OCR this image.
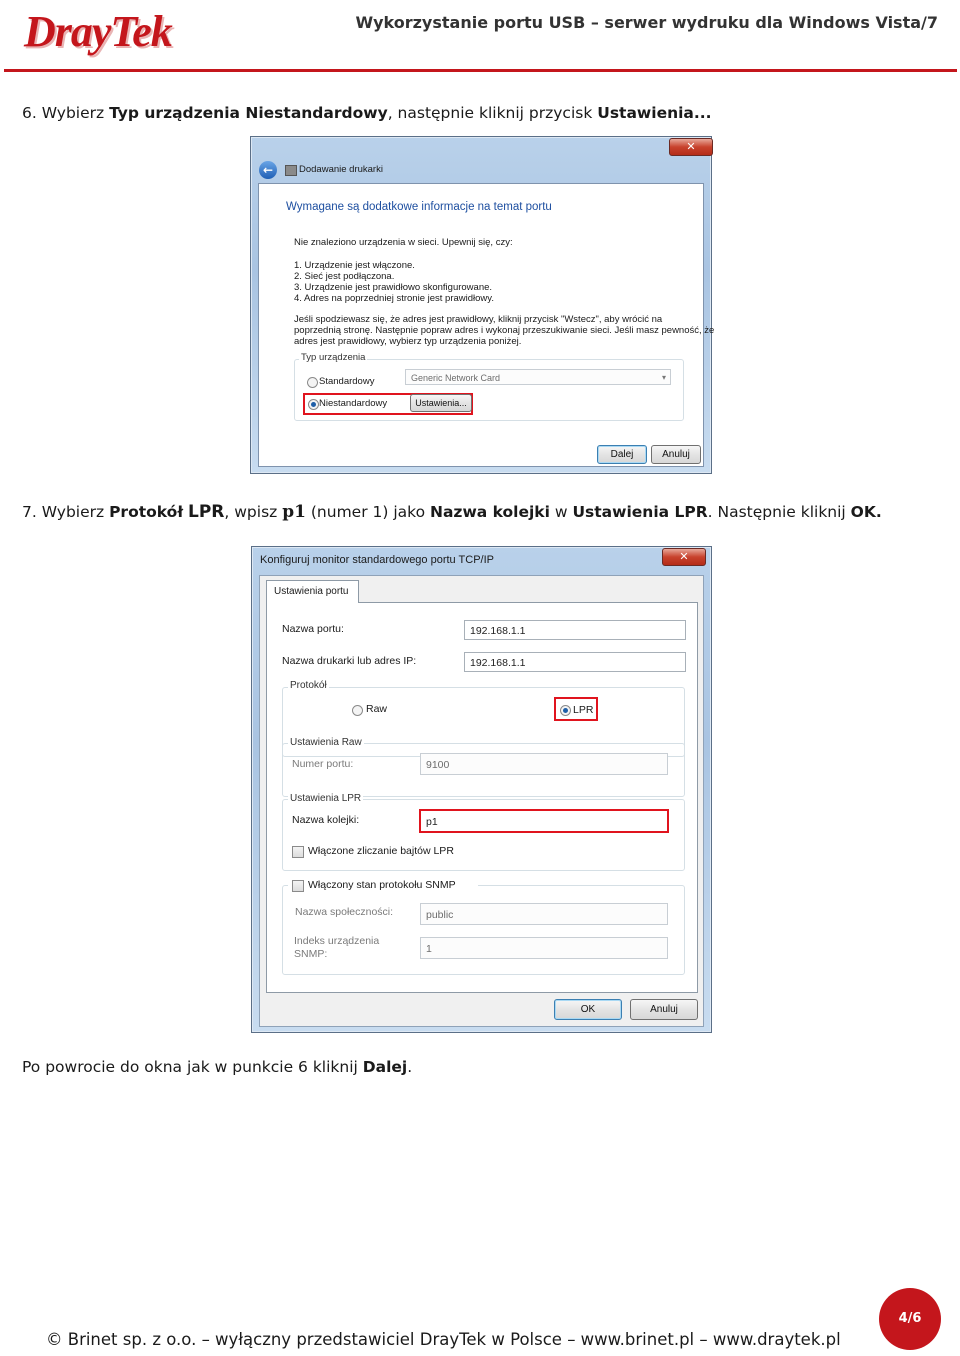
DrayTek	Wykorzystanie portu USB – serwer wydruku dla Windows Vista/7
6. Wybierz Typ urządzenia Niestandardowy, następnie kliknij przycisk Ustawienia...
✕
←	Dodawanie drukarki
Wymagane są dodatkowe informacje na temat portu
Nie znaleziono urządzenia w sieci. Upewnij się, czy:
1. Urządzenie jest włączone.
2. Sieć jest podłączona.
3. Urządzenie jest prawidłowo skonfigurowane.
4. Adres na poprzedniej stronie jest prawidłowy.
Jeśli spodziewasz się, że adres jest prawidłowy, kliknij przycisk "Wstecz", aby wrócić na
poprzednią stronę. Następnie popraw adres i wykonaj przeszukiwanie sieci. Jeśli masz pewność, że
adres jest prawidłowy, wybierz typ urządzenia poniżej.
Typ urządzenia
Standardowy	Generic Network Card	▾
Niestandardowy	Ustawienia...
Dalej	Anuluj
7. Wybierz Protokół LPR, wpisz p1 (numer 1) jako Nazwa kolejki w Ustawienia LPR. Następnie kliknij OK.
Konfiguruj monitor standardowego portu TCP/IP	✕
Ustawienia portu
Nazwa portu:	192.168.1.1
Nazwa drukarki lub adres IP:	192.168.1.1
Protokół
Raw	LPR
Ustawienia Raw
Numer portu:	9100
Ustawienia LPR
Nazwa kolejki:	p1
Włączone zliczanie bajtów LPR
Włączony stan protokołu SNMP
Nazwa społeczności:	public
Indeks urządzenia
SNMP:	1
OK	Anuluj
Po powrocie do okna jak w punkcie 6 kliknij Dalej.
© Brinet sp. z o.o. – wyłączny przedstawiciel DrayTek w Polsce – www.brinet.pl – www.draytek.pl
4/6
